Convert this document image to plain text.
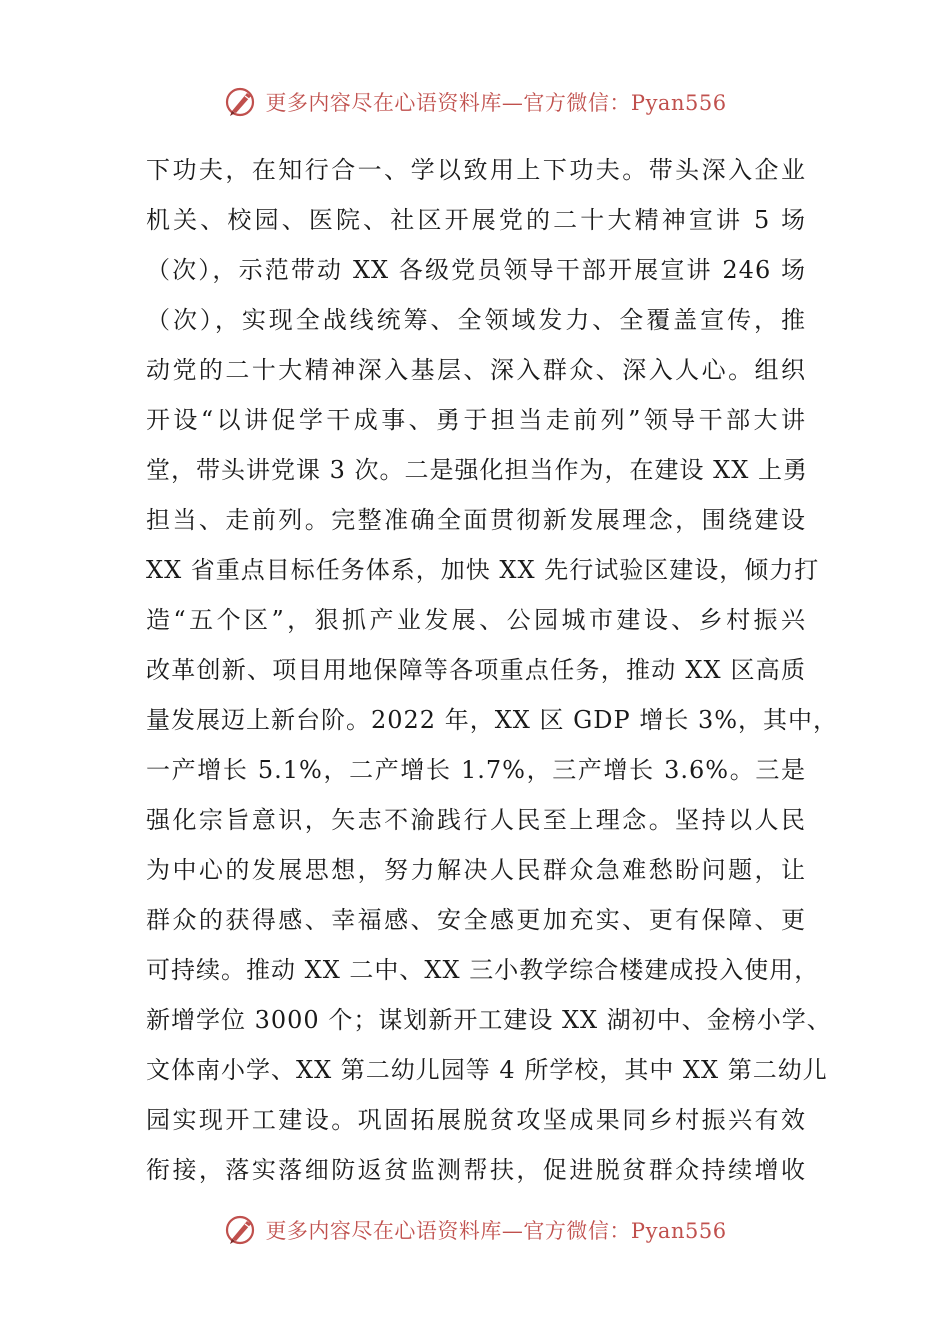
更多内容尽在心语资料库—官方微信：Pyan556
下功夫，在知行合一、学以致用上下功夫。带头深入企业
机关、校园、医院、社区开展党的二十大精神宣讲 5 场
（次），示范带动 XX 各级党员领导干部开展宣讲 246 场
（次），实现全战线统筹、全领域发力、全覆盖宣传，推
动党的二十大精神深入基层、深入群众、深入人心。组织
开设“以讲促学干成事、勇于担当走前列”领导干部大讲
堂，带头讲党课 3 次。二是强化担当作为，在建设 XX 上勇
担当、走前列。完整准确全面贯彻新发展理念，围绕建设
XX 省重点目标任务体系，加快 XX 先行试验区建设，倾力打
造“五个区”，狠抓产业发展、公园城市建设、乡村振兴
改革创新、项目用地保障等各项重点任务，推动 XX 区高质
量发展迈上新台阶。2022 年，XX 区 GDP 增长 3%，其中，
一产增长 5.1%，二产增长 1.7%，三产增长 3.6%。三是
强化宗旨意识，矢志不渝践行人民至上理念。坚持以人民
为中心的发展思想，努力解决人民群众急难愁盼问题，让
群众的获得感、幸福感、安全感更加充实、更有保障、更
可持续。推动 XX 二中、XX 三小教学综合楼建成投入使用，
新增学位 3000 个；谋划新开工建设 XX 湖初中、金榜小学、
文体南小学、XX 第二幼儿园等 4 所学校，其中 XX 第二幼儿
园实现开工建设。巩固拓展脱贫攻坚成果同乡村振兴有效
衔接，落实落细防返贫监测帮扶，促进脱贫群众持续增收
更多内容尽在心语资料库—官方微信：Pyan556
